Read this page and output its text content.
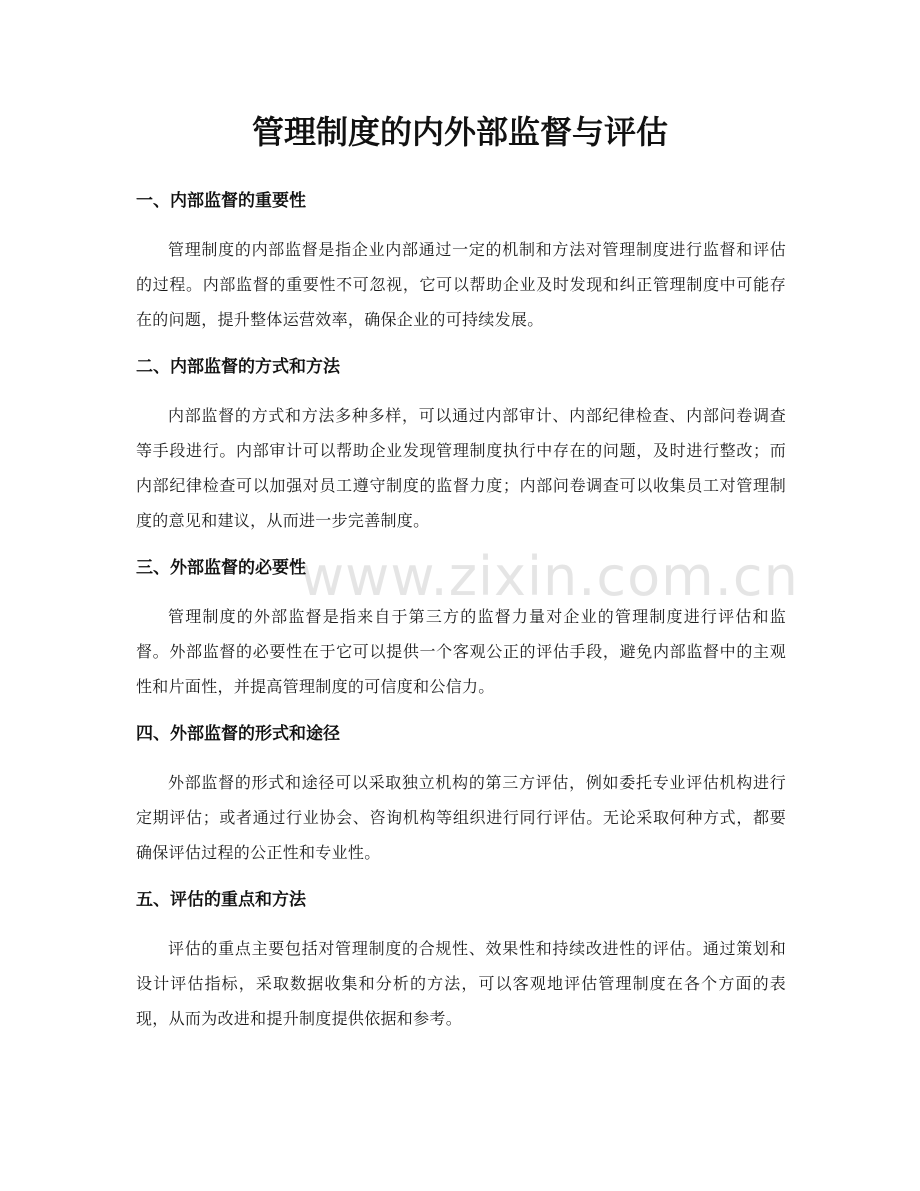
管理制度的内外部监督与评估
一、内部监督的重要性

管理制度的内部监督是指企业内部通过一定的机制和方法对管理制度进行监督和评估的过程。内部监督的重要性不可忽视，它可以帮助企业及时发现和纠正管理制度中可能存在的问题，提升整体运营效率，确保企业的可持续发展。

二、内部监督的方式和方法

内部监督的方式和方法多种多样，可以通过内部审计、内部纪律检查、内部问卷调查等手段进行。内部审计可以帮助企业发现管理制度执行中存在的问题，及时进行整改；而内部纪律检查可以加强对员工遵守制度的监督力度；内部问卷调查可以收集员工对管理制度的意见和建议，从而进一步完善制度。

三、外部监督的必要性

管理制度的外部监督是指来自于第三方的监督力量对企业的管理制度进行评估和监督。外部监督的必要性在于它可以提供一个客观公正的评估手段，避免内部监督中的主观性和片面性，并提高管理制度的可信度和公信力。

四、外部监督的形式和途径

外部监督的形式和途径可以采取独立机构的第三方评估，例如委托专业评估机构进行定期评估；或者通过行业协会、咨询机构等组织进行同行评估。无论采取何种方式，都要确保评估过程的公正性和专业性。

五、评估的重点和方法

评估的重点主要包括对管理制度的合规性、效果性和持续改进性的评估。通过策划和设计评估指标，采取数据收集和分析的方法，可以客观地评估管理制度在各个方面的表现，从而为改进和提升制度提供依据和参考。

www.zixin.com.cn
